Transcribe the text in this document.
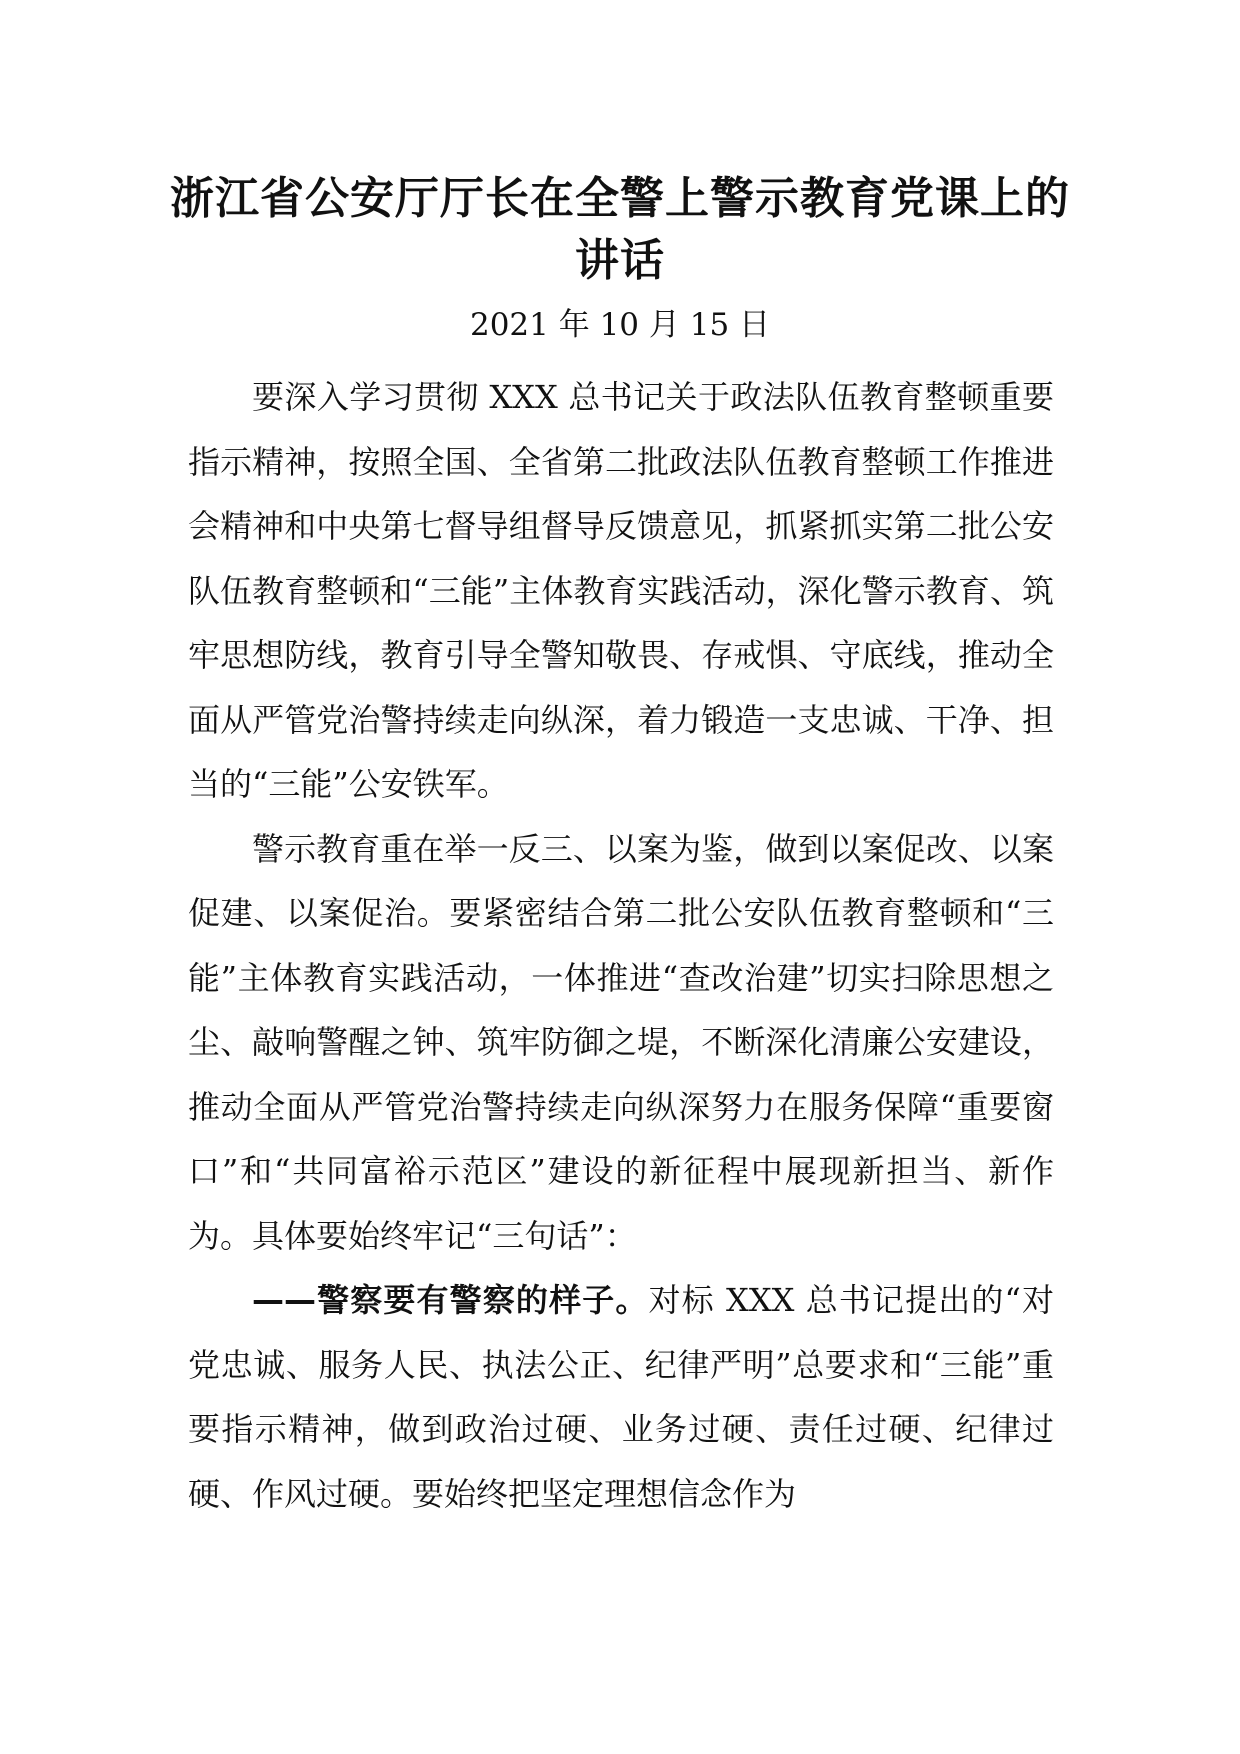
浙江省公安厅厅长在全警上警示教育党课上的讲话
2021 年 10 月 15 日

要深入学习贯彻 XXX 总书记关于政法队伍教育整顿重要指示精神，按照全国、全省第二批政法队伍教育整顿工作推进会精神和中央第七督导组督导反馈意见，抓紧抓实第二批公安队伍教育整顿和“三能”主体教育实践活动，深化警示教育、筑牢思想防线，教育引导全警知敬畏、存戒惧、守底线，推动全面从严管党治警持续走向纵深，着力锻造一支忠诚、干净、担当的“三能”公安铁军。

警示教育重在举一反三、以案为鉴，做到以案促改、以案促建、以案促治。要紧密结合第二批公安队伍教育整顿和“三能”主体教育实践活动，一体推进“查改治建”切实扫除思想之尘、敲响警醒之钟、筑牢防御之堤，不断深化清廉公安建设，推动全面从严管党治警持续走向纵深努力在服务保障“重要窗口”和“共同富裕示范区”建设的新征程中展现新担当、新作为。具体要始终牢记“三句话”：

——警察要有警察的样子。对标 XXX 总书记提出的“对党忠诚、服务人民、执法公正、纪律严明”总要求和“三能”重要指示精神，做到政治过硬、业务过硬、责任过硬、纪律过硬、作风过硬。要始终把坚定理想信念作为
